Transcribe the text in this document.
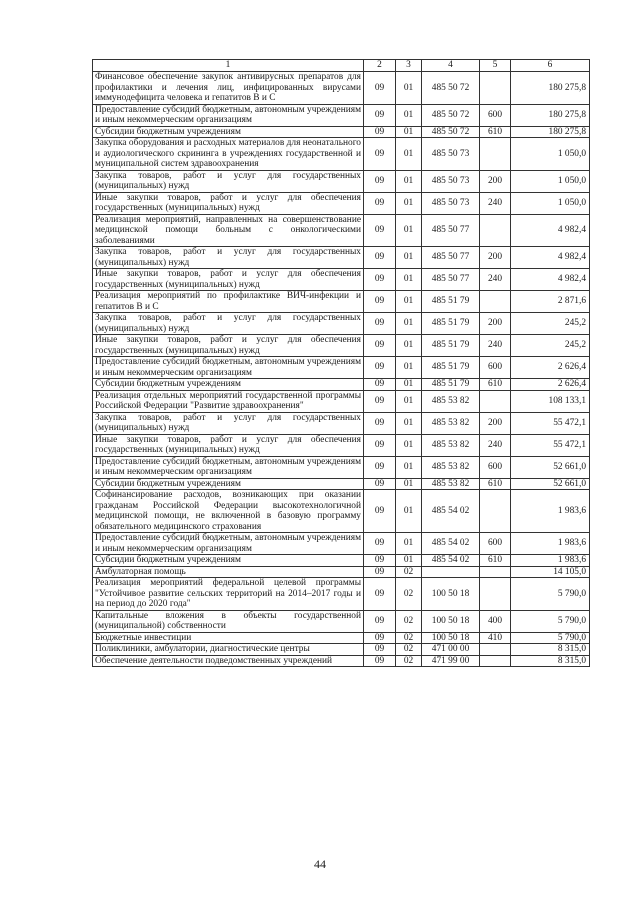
1	2	3	4	5	6
Финансовое обеспечение закупок антивирусных препаратов для профилактики и лечения лиц, инфицированных вирусами иммунодефицита человека и гепатитов В и С	09	01	485 50 72		180 275,8
Предоставление субсидий бюджетным, автономным учреждениям и иным некоммерческим организациям	09	01	485 50 72	600	180 275,8
Субсидии бюджетным учреждениям	09	01	485 50 72	610	180 275,8
Закупка оборудования и расходных материалов для неонатального и аудиологического скрининга в учреждениях государственной и муниципальной систем здравоохранения	09	01	485 50 73		1 050,0
Закупка товаров, работ и услуг для государственных (муниципальных) нужд	09	01	485 50 73	200	1 050,0
Иные закупки товаров, работ и услуг для обеспечения государственных (муниципальных) нужд	09	01	485 50 73	240	1 050,0
Реализация мероприятий, направленных на совершенствование медицинской помощи больным с онкологическими заболеваниями	09	01	485 50 77		4 982,4
Закупка товаров, работ и услуг для государственных (муниципальных) нужд	09	01	485 50 77	200	4 982,4
Иные закупки товаров, работ и услуг для обеспечения государственных (муниципальных) нужд	09	01	485 50 77	240	4 982,4
Реализация мероприятий по профилактике ВИЧ-инфекции и гепатитов В и С	09	01	485 51 79		2 871,6
Закупка товаров, работ и услуг для государственных (муниципальных) нужд	09	01	485 51 79	200	245,2
Иные закупки товаров, работ и услуг для обеспечения государственных (муниципальных) нужд	09	01	485 51 79	240	245,2
Предоставление субсидий бюджетным, автономным учреждениям и иным некоммерческим организациям	09	01	485 51 79	600	2 626,4
Субсидии бюджетным учреждениям	09	01	485 51 79	610	2 626,4
Реализация отдельных мероприятий государственной программы Российской Федерации "Развитие здравоохранения"	09	01	485 53 82		108 133,1
Закупка товаров, работ и услуг для государственных (муниципальных) нужд	09	01	485 53 82	200	55 472,1
Иные закупки товаров, работ и услуг для обеспечения государственных (муниципальных) нужд	09	01	485 53 82	240	55 472,1
Предоставление субсидий бюджетным, автономным учреждениям и иным некоммерческим организациям	09	01	485 53 82	600	52 661,0
Субсидии бюджетным учреждениям	09	01	485 53 82	610	52 661,0
Софинансирование расходов, возникающих при оказании гражданам Российской Федерации высокотехнологичной медицинской помощи, не включенной в базовую программу обязательного медицинского страхования	09	01	485 54 02		1 983,6
Предоставление субсидий бюджетным, автономным учреждениям и иным некоммерческим организациям	09	01	485 54 02	600	1 983,6
Субсидии бюджетным учреждениям	09	01	485 54 02	610	1 983,6
Амбулаторная помощь	09	02			14 105,0
Реализация мероприятий федеральной целевой программы "Устойчивое развитие сельских территорий на 2014–2017 годы и на период до 2020 года"	09	02	100 50 18		5 790,0
Капитальные вложения в объекты государственной (муниципальной) собственности	09	02	100 50 18	400	5 790,0
Бюджетные инвестиции	09	02	100 50 18	410	5 790,0
Поликлиники, амбулатории, диагностические центры	09	02	471 00 00		8 315,0
Обеспечение деятельности подведомственных учреждений	09	02	471 99 00		8 315,0
44
